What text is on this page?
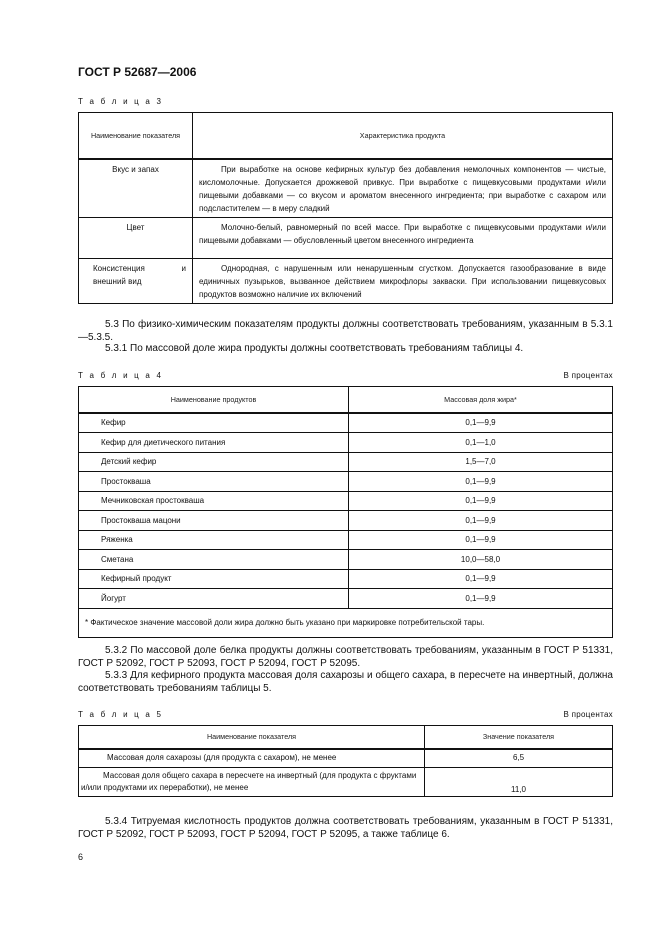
ГОСТ Р 52687—2006
Т а б л и ц а 3
Наименование показателя	Характеристика продукта
Вкус и запах	При выработке на основе кефирных культур без добавления немолочных компонентов — чистые, кисломолочные. Допускается дрожжевой привкус. При выработке с пищевкусовыми продуктами и/или пищевыми добавками — со вкусом и ароматом внесенного ингредиента; при выработке с сахаром или подсластителем — в меру сладкий
Цвет	Молочно-белый, равномерный по всей массе. При выработке с пищевкусовыми продуктами и/или пищевыми добавками — обусловленный цветом внесенного ингредиента
Консистенция и внешний вид	Однородная, с нарушенным или ненарушенным сгустком. Допускается газообразование в виде единичных пузырьков, вызванное действием микрофлоры закваски. При использовании пищевкусовых продуктов возможно наличие их включений
5.3 По физико-химическим показателям продукты должны соответствовать требованиям, указанным в 5.3.1—5.3.5.
5.3.1 По массовой доле жира продукты должны соответствовать требованиям таблицы 4.
Т а б л и ц а 4	В процентах
Наименование продуктов	Массовая доля жира*
Кефир	0,1—9,9
Кефир для диетического питания	0,1—1,0
Детский кефир	1,5—7,0
Простокваша	0,1—9,9
Мечниковская простокваша	0,1—9,9
Простокваша мацони	0,1—9,9
Ряженка	0,1—9,9
Сметана	10,0—58,0
Кефирный продукт	0,1—9,9
Йогурт	0,1—9,9
* Фактическое значение массовой доли жира должно быть указано при маркировке потребительской тары.	
5.3.2 По массовой доле белка продукты должны соответствовать требованиям, указанным в ГОСТ Р 51331, ГОСТ Р 52092, ГОСТ Р 52093, ГОСТ Р 52094, ГОСТ Р 52095.
5.3.3 Для кефирного продукта массовая доля сахарозы и общего сахара, в пересчете на инвертный, должна соответствовать требованиям таблицы 5.
Т а б л и ц а 5	В процентах
Наименование показателя	Значение показателя
Массовая доля сахарозы (для продукта с сахаром), не менее	6,5
Массовая доля общего сахара в пересчете на инвертный (для продукта с фруктами и/или продуктами их переработки), не менее	11,0
5.3.4 Титруемая кислотность продуктов должна соответствовать требованиям, указанным в ГОСТ Р 51331, ГОСТ Р 52092, ГОСТ Р 52093, ГОСТ Р 52094, ГОСТ Р 52095, а также таблице 6.
6
